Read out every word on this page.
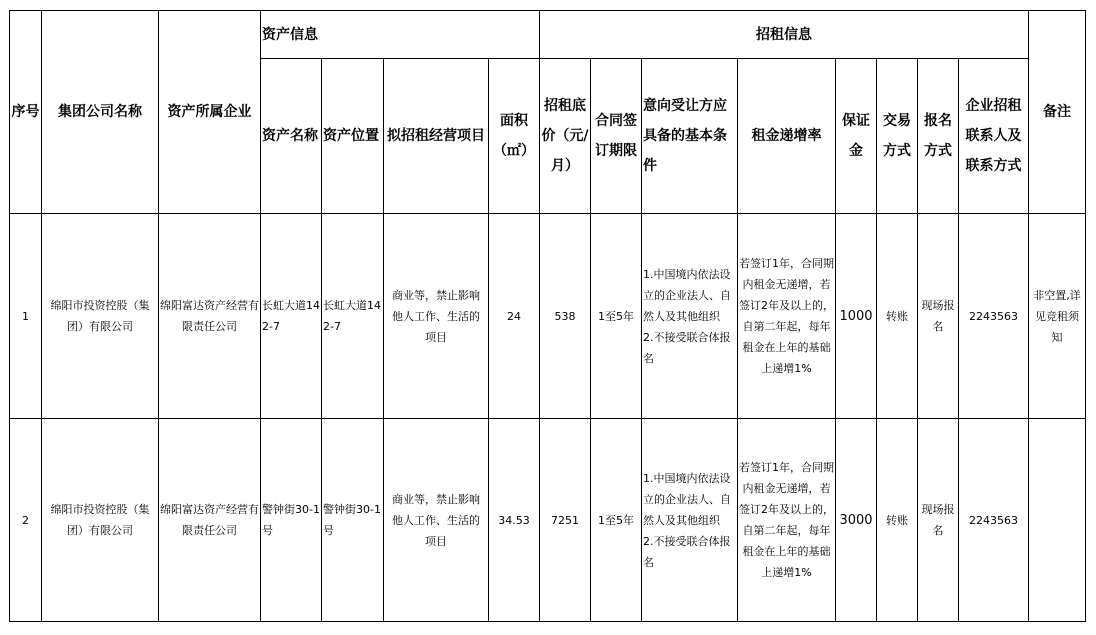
序号	集团公司名称	资产所属企业	资产信息				招租信息								备注
			资产名称	资产位置	拟招租经营项目	面积（㎡）	招租底价（元/月）	合同签订期限	意向受让方应具备的基本条件	租金递增率	保证金	交易方式	报名方式	企业招租联系人及联系方式	
1	绵阳市投资控股（集团）有限公司	绵阳富达资产经营有限责任公司	长虹大道142-7	长虹大道142-7	商业等，禁止影响他人工作、生活的项目	24	538	1至5年	1.中国境内依法设立的企业法人、自然人及其他组织
2.不接受联合体报名	若签订1年，合同期内租金无递增，若签订2年及以上的，自第二年起，每年租金在上年的基础上递增1%	1000	转账	现场报名	2243563	非空置,详见竞租须知
2	绵阳市投资控股（集团）有限公司	绵阳富达资产经营有限责任公司	警钟街30-1号	警钟街30-1号	商业等，禁止影响他人工作、生活的项目	34.53	7251	1至5年	1.中国境内依法设立的企业法人、自然人及其他组织
2.不接受联合体报名	若签订1年，合同期内租金无递增，若签订2年及以上的，自第二年起，每年租金在上年的基础上递增1%	3000	转账	现场报名	2243563	
